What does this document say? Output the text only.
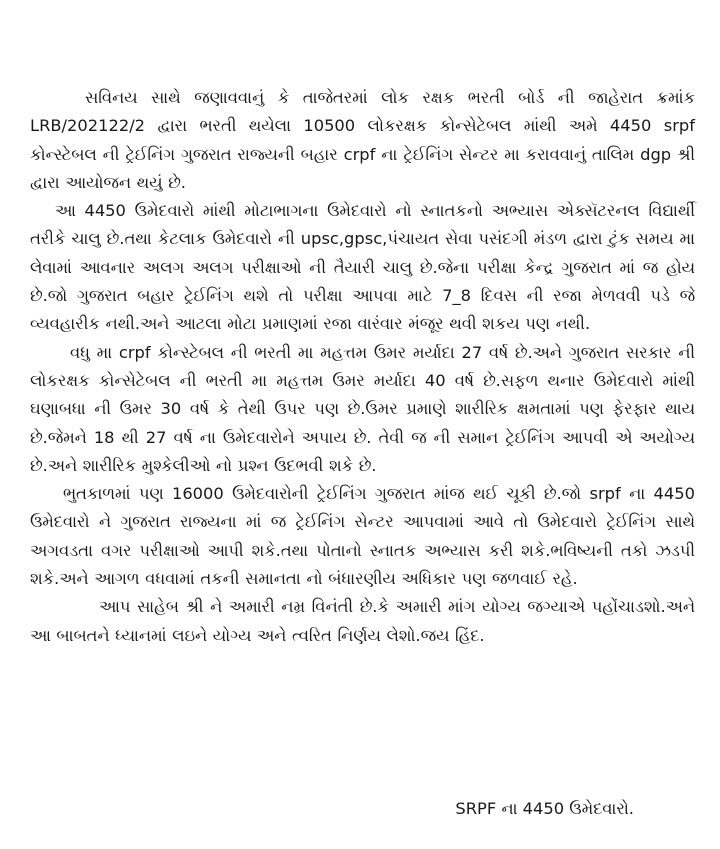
સવિનય સાથે જણાવવાનું કે તાજેતરમાં લોક રક્ષક ભરતી બોર્ડ ની જાહેરાત ક્રમાંક LRB/202122/2 દ્વારા ભરતી થયેલા 10500 લોકરક્ષક કોન્સેટેબલ માંથી અમે 4450 srpf કોન્સ્ટેબલ ની ટ્રેઈનિંગ ગુજરાત રાજ્યની બહાર crpf ના ટ્રેઈનિંગ સેન્ટર મા કરાવવાનું તાલિમ dgp શ્રી દ્વારા આયોજન થયું છે.

આ 4450 ઉમેદવારો માંથી મોટાભાગના ઉમેદવારો નો સ્નાતકનો અભ્યાસ એક્સૅટરનલ વિદ્યાર્થી તરીકે ચાલુ છે.તથા કેટલાક ઉમેદવારો ની upsc,gpsc,પંચાયત સેવા પસંદગી મંડળ દ્વારા ટુંક સમય મા લેવામાં આવનાર અલગ અલગ પરીક્ષાઓ ની તૈયારી ચાલુ છે.જેના પરીક્ષા કેન્દ્ર ગુજરાત માં જ હોય છે.જો ગુજરાત બહાર ટ્રેઈનિંગ થશે તો પરીક્ષા આપવા માટે 7_8 દિવસ ની રજા મેળવવી પડે જે વ્યવહારીક નથી.અને આટલા મોટા પ્રમાણમાં રજા વારંવાર મંજૂર થવી શકય પણ નથી.

વધુ મા crpf કોન્સ્ટેબલ ની ભરતી મા મહત્તમ ઉમર મર્યાદા 27 વર્ષ છે.અને ગુજરાત સરકાર ની લોકરક્ષક કોન્સેટેબલ ની ભરતી મા મહત્તમ ઉમર મર્યાદા 40 વર્ષ છે.સફળ થનાર ઉમેદવારો માંથી ઘણાબધા ની ઉમર 30 વર્ષ કે તેથી ઉપર પણ છે.ઉમર પ્રમાણે શારીરિક ક્ષમતામાં પણ ફેરફાર થાય છે.જેમને 18 થી 27 વર્ષ ના ઉમેદવારોને અપાય છે. તેવી જ ની સમાન ટ્રેઈનિંગ આપવી એ અયોગ્ય છે.અને શારીરિક મુશ્કેલીઓ નો પ્રશ્ન ઉદભવી શકે છે.

ભુતકાળમાં પણ 16000 ઉમેદવારોની ટ્રેઈનિંગ ગુજરાત માંજ થઈ ચૂકી છે.જો srpf ના 4450 ઉમેદવારો ને ગુજરાત રાજ્યના માં જ ટ્રેઈનિંગ સેન્ટર આપવામાં આવે તો ઉમેદવારો ટ્રેઈનિંગ સાથે અગવડતા વગર પરીક્ષાઓ આપી શકે.તથા પોતાનો સ્નાતક અભ્યાસ કરી શકે.ભવિષ્યની તકો ઝડપી શકે.અને આગળ વધવામાં તકની સમાનતા નો બંધારણીય અધિકાર પણ જળવાઈ રહે.

આપ સાહેબ શ્રી ને અમારી નમ્ર વિનંતી છે.કે અમારી માંગ યોગ્ય જગ્યાએ પહોંચાડશો.અને આ બાબતને ધ્યાનમાં લઇને યોગ્ય અને ત્વરિત નિર્ણય લેશો.જય હિંદ.

SRPF ના 4450 ઉમેદવારો.
